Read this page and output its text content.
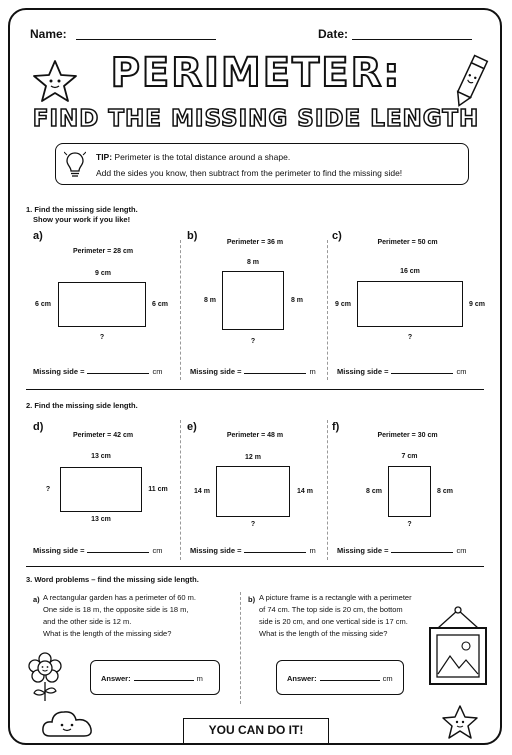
Name:	Date:
PERIMETER:
FIND THE MISSING SIDE LENGTH
TIP: Perimeter is the total distance around a shape.
Add the sides you know, then subtract from the perimeter to find the missing side!
1. Find the missing side length.
Show your work if you like!
a)
Perimeter = 28 cm
9 cm
6 cm	6 cm
?
Missing side =	cm
b)
Perimeter = 36 m
8 m
8 m	8 m
?
Missing side =	m
c)
Perimeter = 50 cm
16 cm
9 cm	9 cm
?
Missing side =	cm
2. Find the missing side length.
d)
Perimeter = 42 cm
13 cm
?	11 cm
13 cm
Missing side =	cm
e)
Perimeter = 48 m
12 m
14 m	14 m
?
Missing side =	m
f)
Perimeter = 30 cm
7 cm
8 cm	8 cm
?
Missing side =	cm
3. Word problems – find the missing side length.
a) A rectangular garden has a perimeter of 60 m.
One side is 18 m, the opposite side is 18 m,
and the other side is 12 m.
What is the length of the missing side?
b) A picture frame is a rectangle with a perimeter
of 74 cm. The top side is 20 cm, the bottom
side is 20 cm, and one vertical side is 17 cm.
What is the length of the missing side?
Answer:	m	Answer:	cm
YOU CAN DO IT!
